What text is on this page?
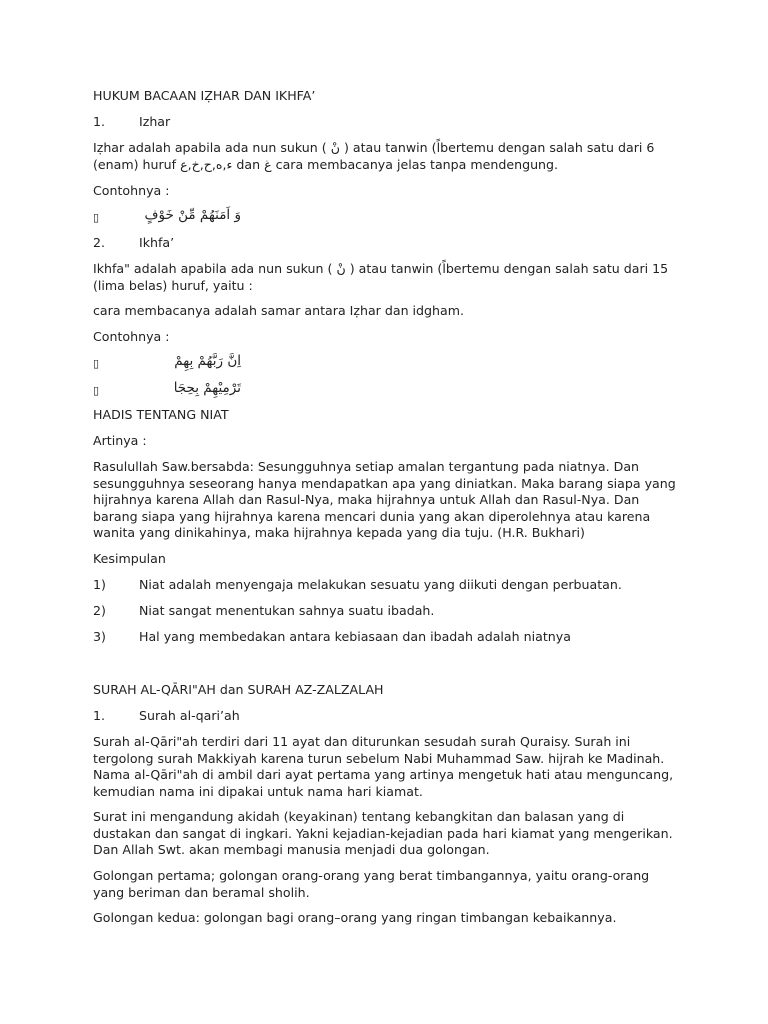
HUKUM BACAAN IẒHAR DAN IKHFA’
1.	Izhar

Iẓhar adalah apabila ada nun sukun ( نْ ) atau tanwin (اًbertemu dengan salah satu dari 6 (enam) huruf ء,ه,ح,خ,ع dan غ cara membacanya jelas tanpa mendengung.

Contohnya :
▯	وَ اَمَنَهُمْ مِّنْ خَوْفٍ
2.	Ikhfa’

Ikhfa" adalah apabila ada nun sukun ( نْ ) atau tanwin (اًbertemu dengan salah satu dari 15 (lima belas) huruf, yaitu :

cara membacanya adalah samar antara Iẓhar dan idgham.
Contohnya :
▯	اِنَّ رَبَّهُمْ بِهِمْ
▯	تَرْمِيْهِمْ بِحِجَا
HADIS TENTANG NIAT
Artinya :

Rasulullah Saw.bersabda: Sesungguhnya setiap amalan tergantung pada niatnya. Dan sesungguhnya seseorang hanya mendapatkan apa yang diniatkan. Maka barang siapa yang hijrahnya karena Allah dan Rasul-Nya, maka hijrahnya untuk Allah dan Rasul-Nya. Dan barang siapa yang hijrahnya karena mencari dunia yang akan diperolehnya atau karena wanita yang dinikahinya, maka hijrahnya kepada yang dia tuju. (H.R. Bukhari)

Kesimpulan
1)	Niat adalah menyengaja melakukan sesuatu yang diikuti dengan perbuatan.
2)	Niat sangat menentukan sahnya suatu ibadah.
3)	Hal yang membedakan antara kebiasaan dan ibadah adalah niatnya
SURAH AL-QĀRI"AH dan SURAH AZ-ZALZALAH
1.	Surah al-qari’ah

Surah al-Qāri"ah terdiri dari 11 ayat dan diturunkan sesudah surah Quraisy. Surah ini tergolong surah Makkiyah karena turun sebelum Nabi Muhammad Saw. hijrah ke Madinah. Nama al-Qāri"ah di ambil dari ayat pertama yang artinya mengetuk hati atau menguncang, kemudian nama ini dipakai untuk nama hari kiamat.

Surat ini mengandung akidah (keyakinan) tentang kebangkitan dan balasan yang di dustakan dan sangat di ingkari. Yakni kejadian-kejadian pada hari kiamat yang mengerikan. Dan Allah Swt. akan membagi manusia menjadi dua golongan.

Golongan pertama; golongan orang-orang yang berat timbangannya, yaitu orang-orang yang beriman dan beramal sholih.

Golongan kedua: golongan bagi orang–orang yang ringan timbangan kebaikannya.
